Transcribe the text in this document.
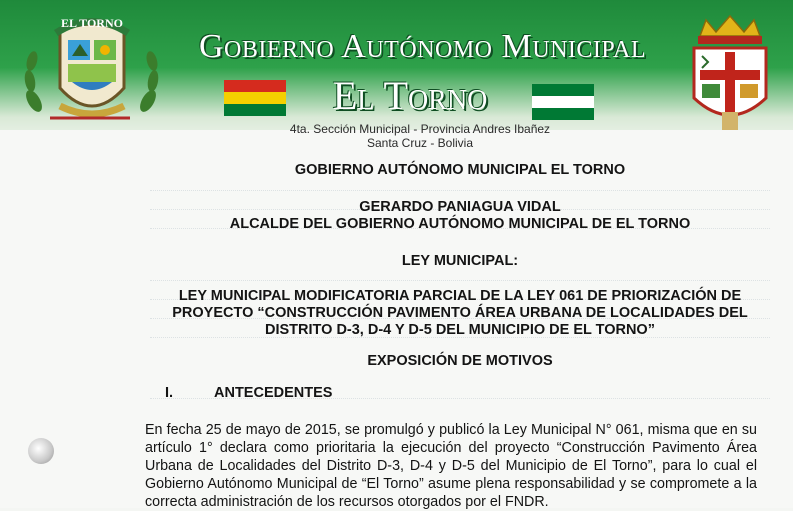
EL TORNO
Gobierno Autónomo Municipal
El Torno
4ta. Sección Municipal - Provincia Andres Ibañez
Santa Cruz - Bolivia
GOBIERNO AUTÓNOMO MUNICIPAL EL TORNO
GERARDO PANIAGUA VIDAL
ALCALDE DEL GOBIERNO AUTÓNOMO MUNICIPAL DE EL TORNO
LEY MUNICIPAL:
LEY MUNICIPAL MODIFICATORIA PARCIAL DE LA LEY 061 DE PRIORIZACIÓN DE
PROYECTO “CONSTRUCCIÓN PAVIMENTO ÁREA URBANA DE LOCALIDADES DEL
DISTRITO D-3, D-4 Y D-5 DEL MUNICIPIO DE EL TORNO”
EXPOSICIÓN DE MOTIVOS
I.	ANTECEDENTES
En fecha 25 de mayo de 2015, se promulgó y publicó la Ley Municipal N° 061, misma que en su artículo 1° declara como prioritaria la ejecución del proyecto “Construcción Pavimento Área Urbana de Localidades del Distrito D-3, D-4 y D-5 del Municipio de El Torno”, para lo cual el Gobierno Autónomo Municipal de “El Torno” asume plena responsabilidad y se compromete a la correcta administración de los recursos otorgados por el FNDR.
